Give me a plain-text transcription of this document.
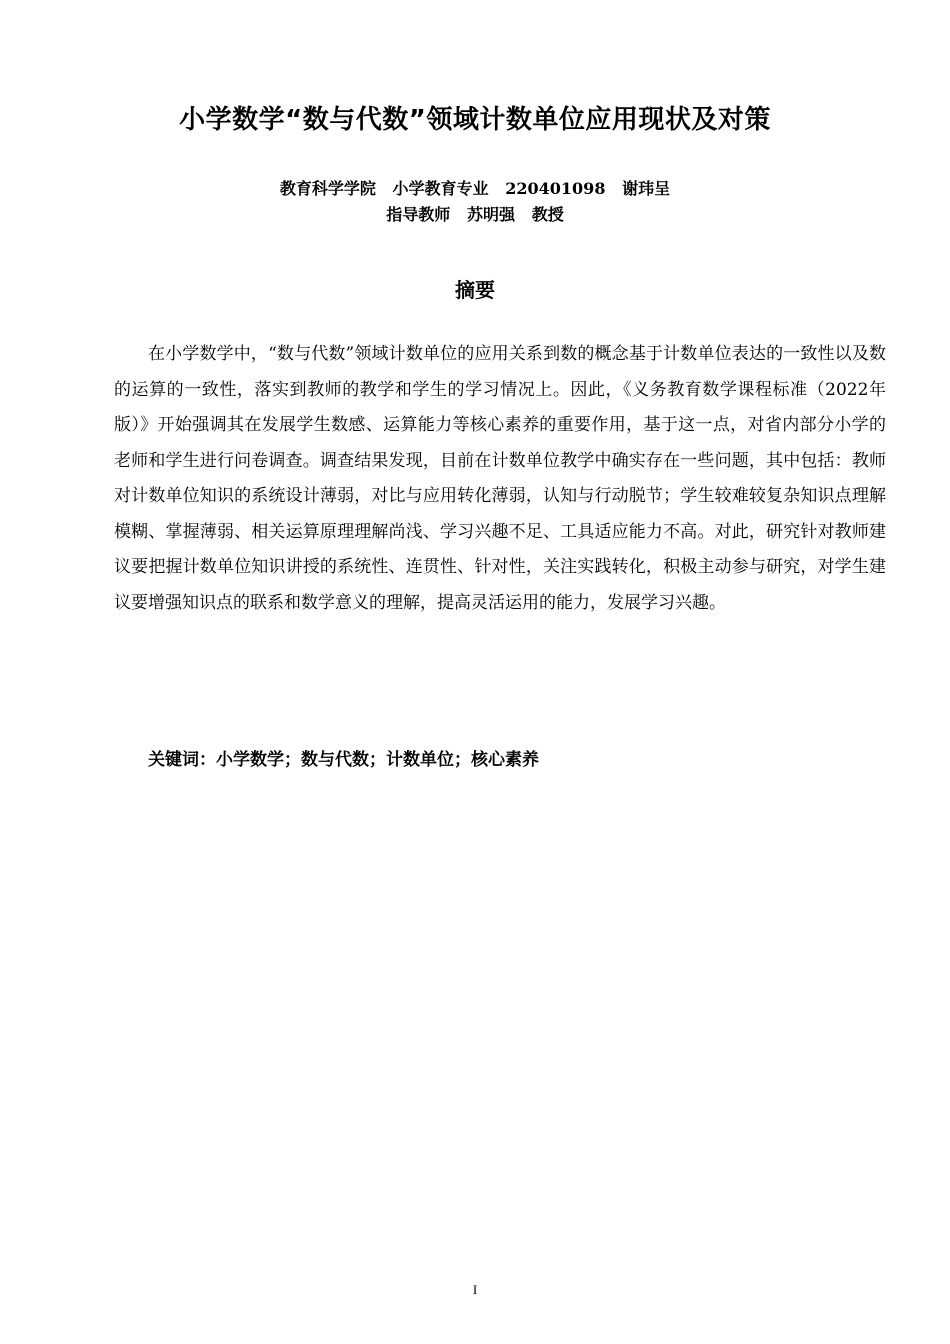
小学数学“数与代数”领域计数单位应用现状及对策
教育科学学院   小学教育专业   220401098   谢玮呈
指导教师   苏明强   教授
摘要

在小学数学中，“数与代数”领域计数单位的应用关系到数的概念基于计数单位表达的一致性以及数的运算的一致性，落实到教师的教学和学生的学习情况上。因此，《义务教育数学课程标准（2022年版）》开始强调其在发展学生数感、运算能力等核心素养的重要作用，基于这一点，对省内部分小学的老师和学生进行问卷调查。调查结果发现，目前在计数单位教学中确实存在一些问题，其中包括：教师对计数单位知识的系统设计薄弱，对比与应用转化薄弱，认知与行动脱节；学生较难较复杂知识点理解模糊、掌握薄弱、相关运算原理理解尚浅、学习兴趣不足、工具适应能力不高。对此，研究针对教师建议要把握计数单位知识讲授的系统性、连贯性、针对性，关注实践转化，积极主动参与研究，对学生建议要增强知识点的联系和数学意义的理解，提高灵活运用的能力，发展学习兴趣。

关键词：小学数学；数与代数；计数单位；核心素养
I
